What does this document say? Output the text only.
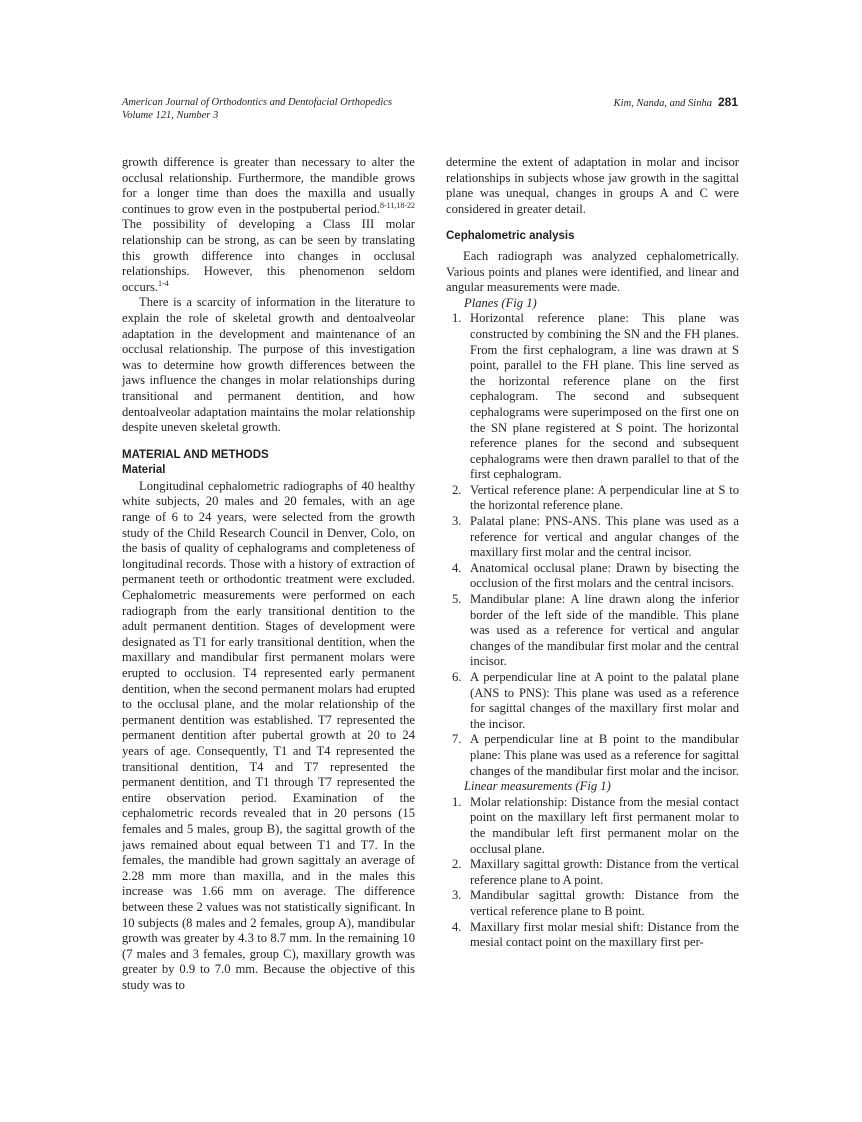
American Journal of Orthodontics and Dentofacial Orthopedics
Volume 121, Number 3
Kim, Nanda, and Sinha 281

growth difference is greater than necessary to alter the occlusal relationship. Furthermore, the mandible grows for a longer time than does the maxilla and usually continues to grow even in the postpubertal period.$^{8-11,18-22}$ The possibility of developing a Class III molar relationship can be strong, as can be seen by translating this growth difference into changes in occlusal relationships. However, this phenomenon seldom occurs.$^{1-4}$

There is a scarcity of information in the literature to explain the role of skeletal growth and dentoalveolar adaptation in the development and maintenance of an occlusal relationship. The purpose of this investigation was to determine how growth differences between the jaws influence the changes in molar relationships during transitional and permanent dentition, and how dentoalveolar adaptation maintains the molar relationship despite uneven skeletal growth.

MATERIAL AND METHODS
Material

Longitudinal cephalometric radiographs of 40 healthy white subjects, 20 males and 20 females, with an age range of 6 to 24 years, were selected from the growth study of the Child Research Council in Denver, Colo, on the basis of quality of cephalograms and completeness of longitudinal records. Those with a history of extraction of permanent teeth or orthodontic treatment were excluded. Cephalometric measurements were performed on each radiograph from the early transitional dentition to the adult permanent dentition. Stages of development were designated as T1 for early transitional dentition, when the maxillary and mandibular first permanent molars were erupted to occlusion. T4 represented early permanent dentition, when the second permanent molars had erupted to the occlusal plane, and the molar relationship of the permanent dentition was established. T7 represented the permanent dentition after pubertal growth at 20 to 24 years of age. Consequently, T1 and T4 represented the transitional dentition, T4 and T7 represented the permanent dentition, and T1 through T7 represented the entire observation period. Examination of the cephalometric records revealed that in 20 persons (15 females and 5 males, group B), the sagittal growth of the jaws remained about equal between T1 and T7. In the females, the mandible had grown sagittaly an average of 2.28 mm more than maxilla, and in the males this increase was 1.66 mm on average. The difference between these 2 values was not statistically significant. In 10 subjects (8 males and 2 females, group A), mandibular growth was greater by 4.3 to 8.7 mm. In the remaining 10 (7 males and 3 females, group C), maxillary growth was greater by 0.9 to 7.0 mm. Because the objective of this study was to

determine the extent of adaptation in molar and incisor relationships in subjects whose jaw growth in the sagittal plane was unequal, changes in groups A and C were considered in greater detail.

Cephalometric analysis

Each radiograph was analyzed cephalometrically. Various points and planes were identified, and linear and angular measurements were made.

Planes (Fig 1)
1. Horizontal reference plane: This plane was constructed by combining the SN and the FH planes. From the first cephalogram, a line was drawn at S point, parallel to the FH plane. This line served as the horizontal reference plane on the first cephalogram. The second and subsequent cephalograms were superimposed on the first one on the SN plane registered at S point. The horizontal reference planes for the second and subsequent cephalograms were then drawn parallel to that of the first cephalogram.
2. Vertical reference plane: A perpendicular line at S to the horizontal reference plane.
3. Palatal plane: PNS-ANS. This plane was used as a reference for vertical and angular changes of the maxillary first molar and the central incisor.
4. Anatomical occlusal plane: Drawn by bisecting the occlusion of the first molars and the central incisors.
5. Mandibular plane: A line drawn along the inferior border of the left side of the mandible. This plane was used as a reference for vertical and angular changes of the mandibular first molar and the central incisor.
6. A perpendicular line at A point to the palatal plane (ANS to PNS): This plane was used as a reference for sagittal changes of the maxillary first molar and the incisor.
7. A perpendicular line at B point to the mandibular plane: This plane was used as a reference for sagittal changes of the mandibular first molar and the incisor.
Linear measurements (Fig 1)
1. Molar relationship: Distance from the mesial contact point on the maxillary left first permanent molar to the mandibular left first permanent molar on the occlusal plane.
2. Maxillary sagittal growth: Distance from the vertical reference plane to A point.
3. Mandibular sagittal growth: Distance from the vertical reference plane to B point.
4. Maxillary first molar mesial shift: Distance from the mesial contact point on the maxillary first per-
